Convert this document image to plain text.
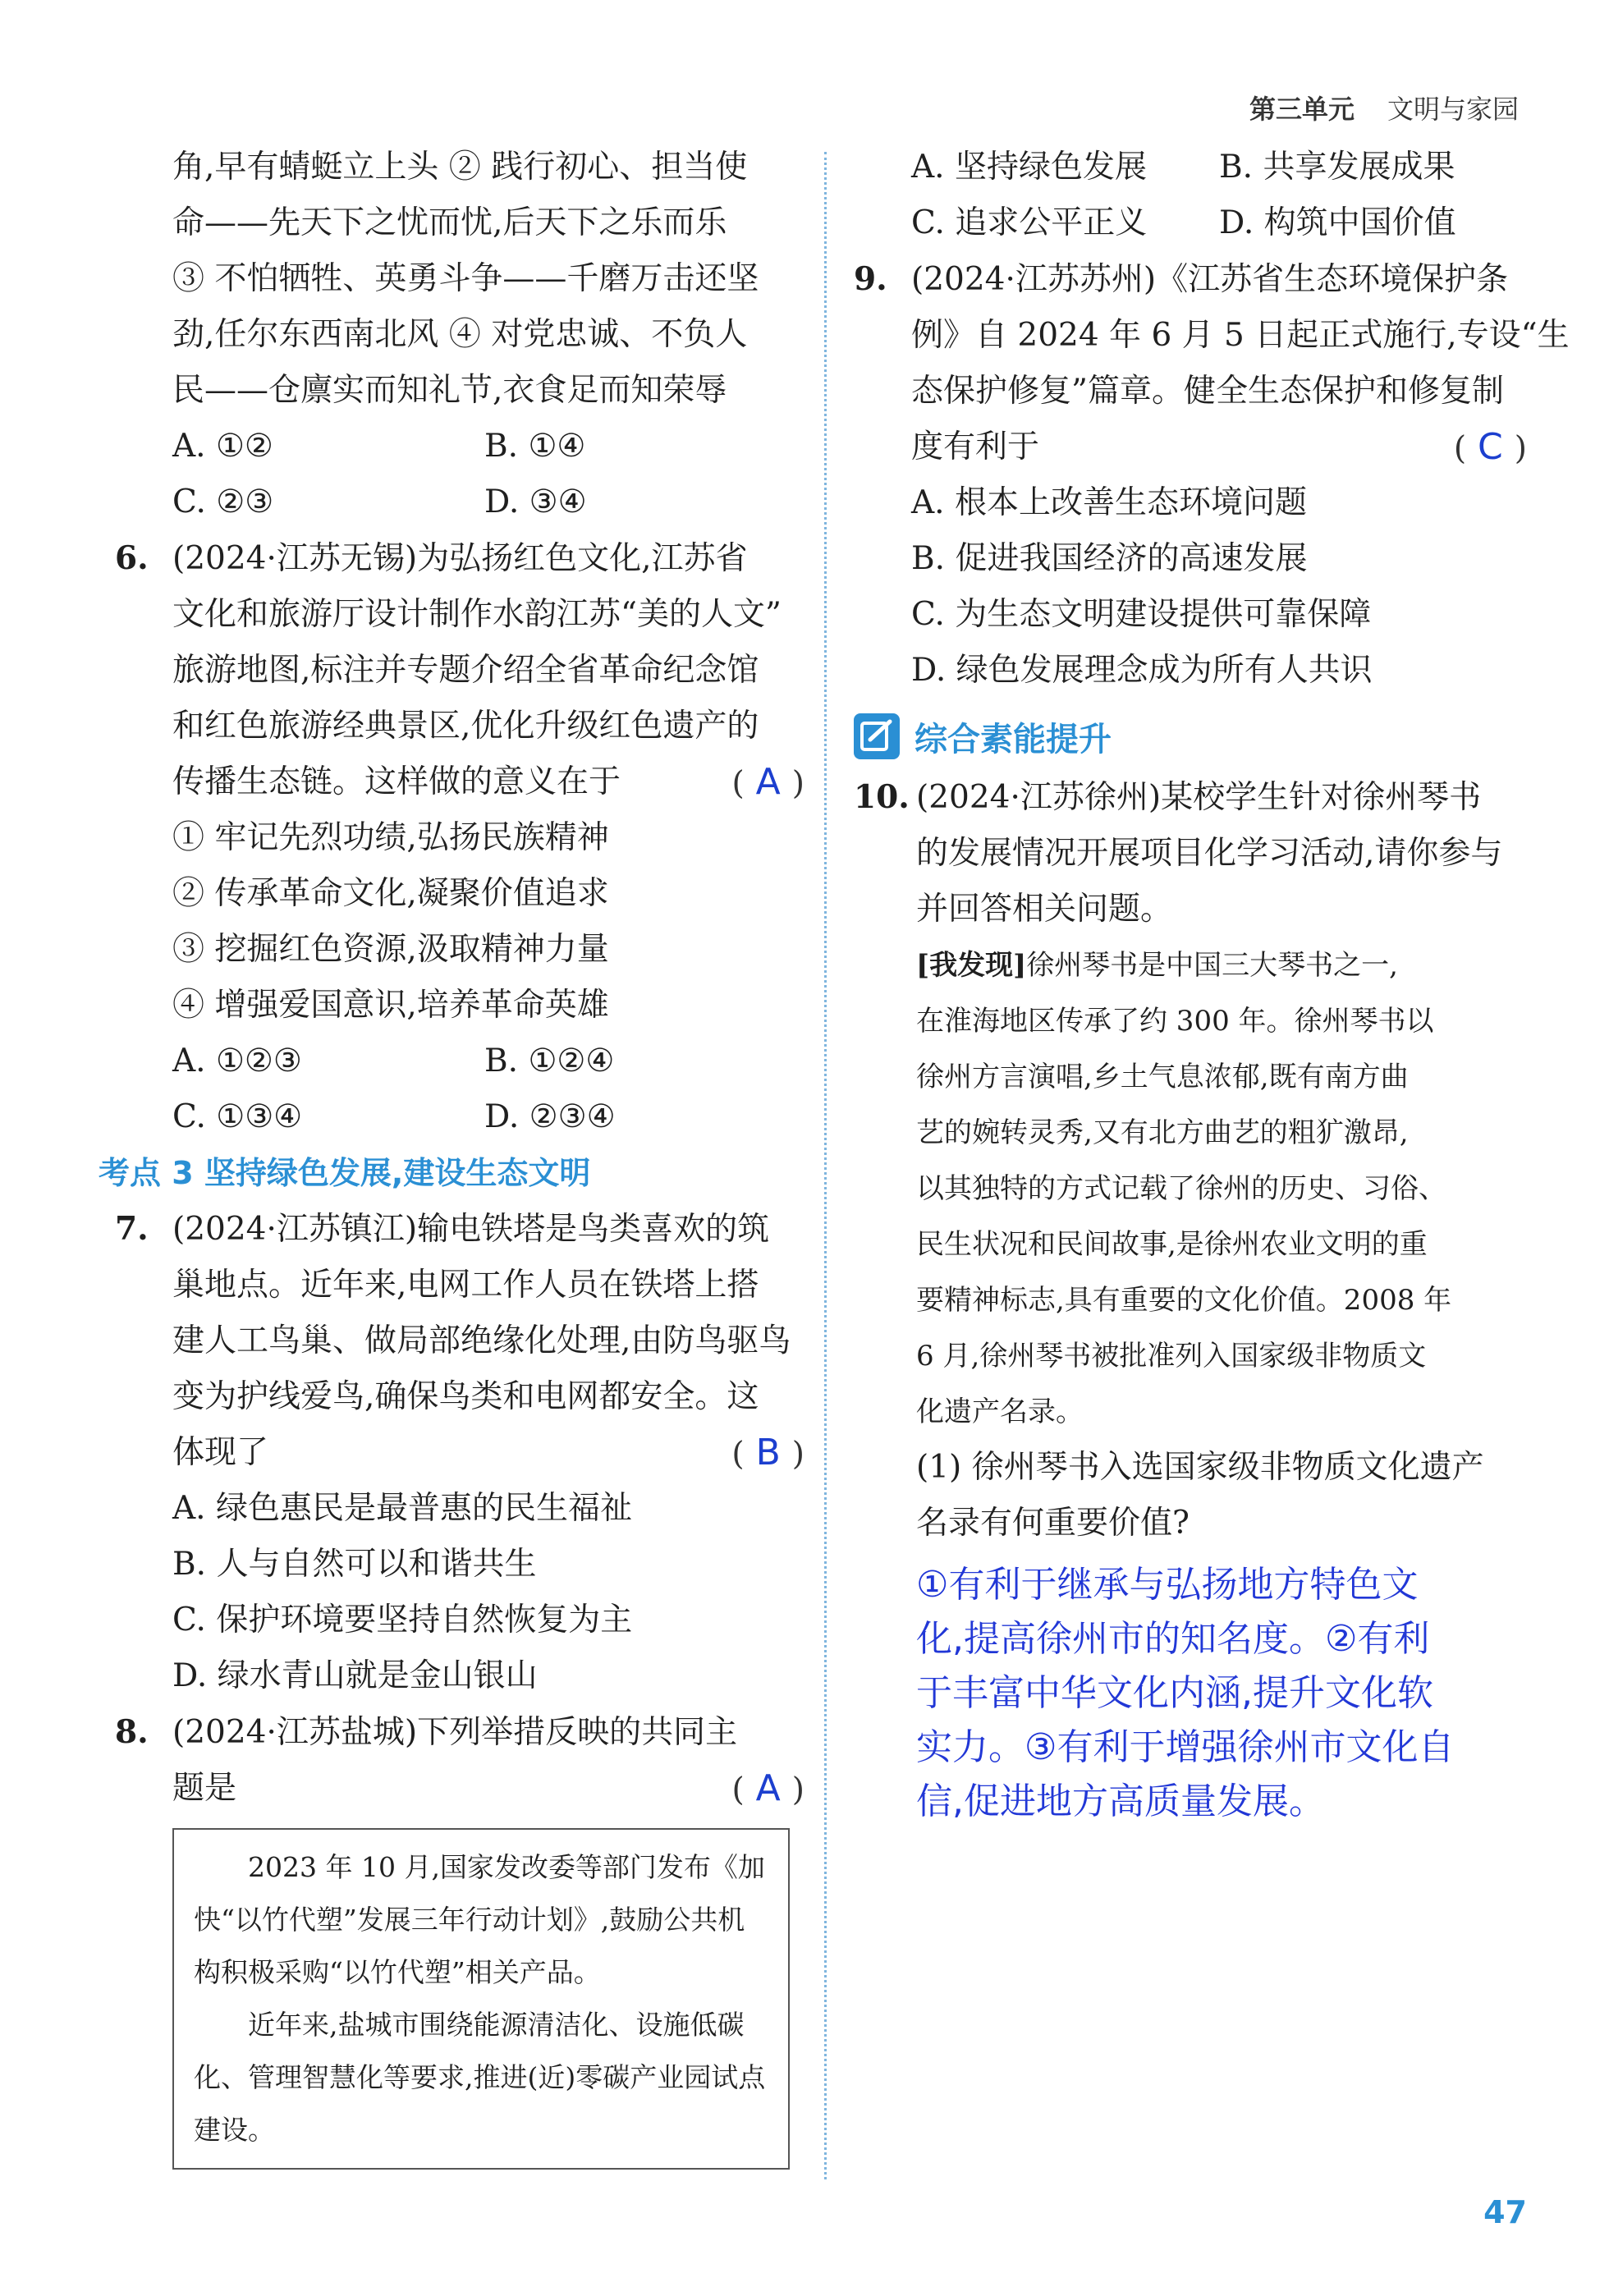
第三单元 文明与家园
角,早有蜻蜓立上头 ② 践行初心、担当使
命——先天下之忧而忧,后天下之乐而乐
③ 不怕牺牲、英勇斗争——千磨万击还坚
劲,任尔东西南北风 ④ 对党忠诚、不负人
民——仓廪实而知礼节,衣食足而知荣辱
A. ①②	B. ①④
C. ②③	D. ③④
6. (2024·江苏无锡)为弘扬红色文化,江苏省
文化和旅游厅设计制作水韵江苏“美的人文”
旅游地图,标注并专题介绍全省革命纪念馆
和红色旅游经典景区,优化升级红色遗产的
传播生态链。这样做的意义在于	( A )
① 牢记先烈功绩,弘扬民族精神
② 传承革命文化,凝聚价值追求
③ 挖掘红色资源,汲取精神力量
④ 增强爱国意识,培养革命英雄
A. ①②③	B. ①②④
C. ①③④	D. ②③④
考点 3 坚持绿色发展,建设生态文明
7. (2024·江苏镇江)输电铁塔是鸟类喜欢的筑
巢地点。近年来,电网工作人员在铁塔上搭
建人工鸟巢、做局部绝缘化处理,由防鸟驱鸟
变为护线爱鸟,确保鸟类和电网都安全。这
体现了	( B )
A. 绿色惠民是最普惠的民生福祉
B. 人与自然可以和谐共生
C. 保护环境要坚持自然恢复为主
D. 绿水青山就是金山银山
8. (2024·江苏盐城)下列举措反映的共同主
题是	( A )

2023 年 10 月,国家发改委等部门发布《加快“以竹代塑”发展三年行动计划》,鼓励公共机构积极采购“以竹代塑”相关产品。

近年来,盐城市围绕能源清洁化、设施低碳化、管理智慧化等要求,推进(近)零碳产业园试点建设。

A. 坚持绿色发展	B. 共享发展成果
C. 追求公平正义	D. 构筑中国价值
9. (2024·江苏苏州)《江苏省生态环境保护条
例》自 2024 年 6 月 5 日起正式施行,专设“生
态保护修复”篇章。健全生态保护和修复制
度有利于	( C )
A. 根本上改善生态环境问题
B. 促进我国经济的高速发展
C. 为生态文明建设提供可靠保障
D. 绿色发展理念成为所有人共识
综合素能提升
10. (2024·江苏徐州)某校学生针对徐州琴书
的发展情况开展项目化学习活动,请你参与
并回答相关问题。
[我发现]徐州琴书是中国三大琴书之一,
在淮海地区传承了约 300 年。徐州琴书以
徐州方言演唱,乡土气息浓郁,既有南方曲
艺的婉转灵秀,又有北方曲艺的粗犷激昂,
以其独特的方式记载了徐州的历史、习俗、
民生状况和民间故事,是徐州农业文明的重
要精神标志,具有重要的文化价值。2008 年
6 月,徐州琴书被批准列入国家级非物质文
化遗产名录。
(1) 徐州琴书入选国家级非物质文化遗产
名录有何重要价值?
①有利于继承与弘扬地方特色文
化,提高徐州市的知名度。②有利
于丰富中华文化内涵,提升文化软
实力。③有利于增强徐州市文化自
信,促进地方高质量发展。
47
